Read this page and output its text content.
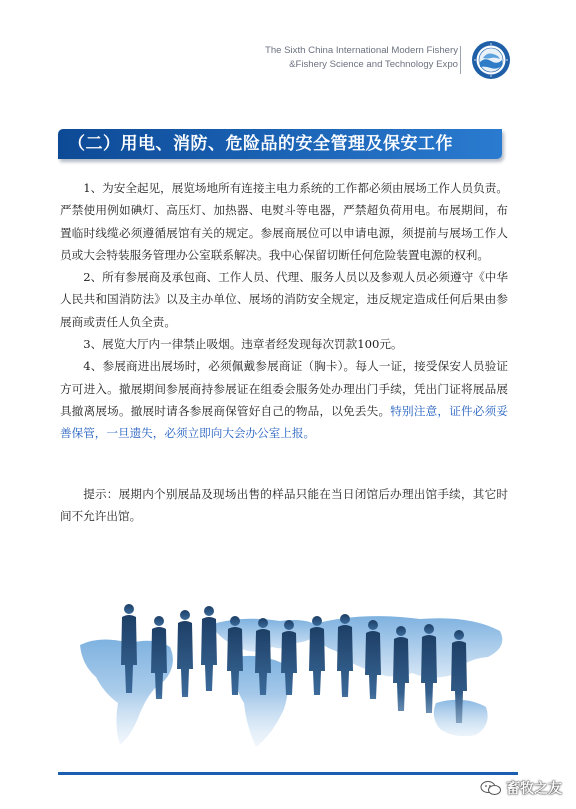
The Sixth China International Modern Fishery
&Fishery Science and Technology Expo
（二）用电、消防、危险品的安全管理及保安工作

1、为安全起见，展览场地所有连接主电力系统的工作都必须由展场工作人员负责。严禁使用例如碘灯、高压灯、加热器、电熨斗等电器，严禁超负荷用电。布展期间，布置临时线缆必须遵循展馆有关的规定。参展商展位可以申请电源，须提前与展场工作人员或大会特装服务管理办公室联系解决。我中心保留切断任何危险装置电源的权利。

2、所有参展商及承包商、工作人员、代理、服务人员以及参观人员必须遵守《中华人民共和国消防法》以及主办单位、展场的消防安全规定，违反规定造成任何后果由参展商或责任人负全责。

3、展览大厅内一律禁止吸烟。违章者经发现每次罚款100元。

4、参展商进出展场时，必须佩戴参展商证（胸卡）。每人一证，接受保安人员验证方可进入。撤展期间参展商持参展证在组委会服务处办理出门手续，凭出门证将展品展具撤离展场。撤展时请各参展商保管好自己的物品，以免丢失。特别注意，证件必须妥善保管，一旦遗失，必须立即向大会办公室上报。

提示：展期内个别展品及现场出售的样品只能在当日闭馆后办理出馆手续，其它时间不允许出馆。

畜牧之友
